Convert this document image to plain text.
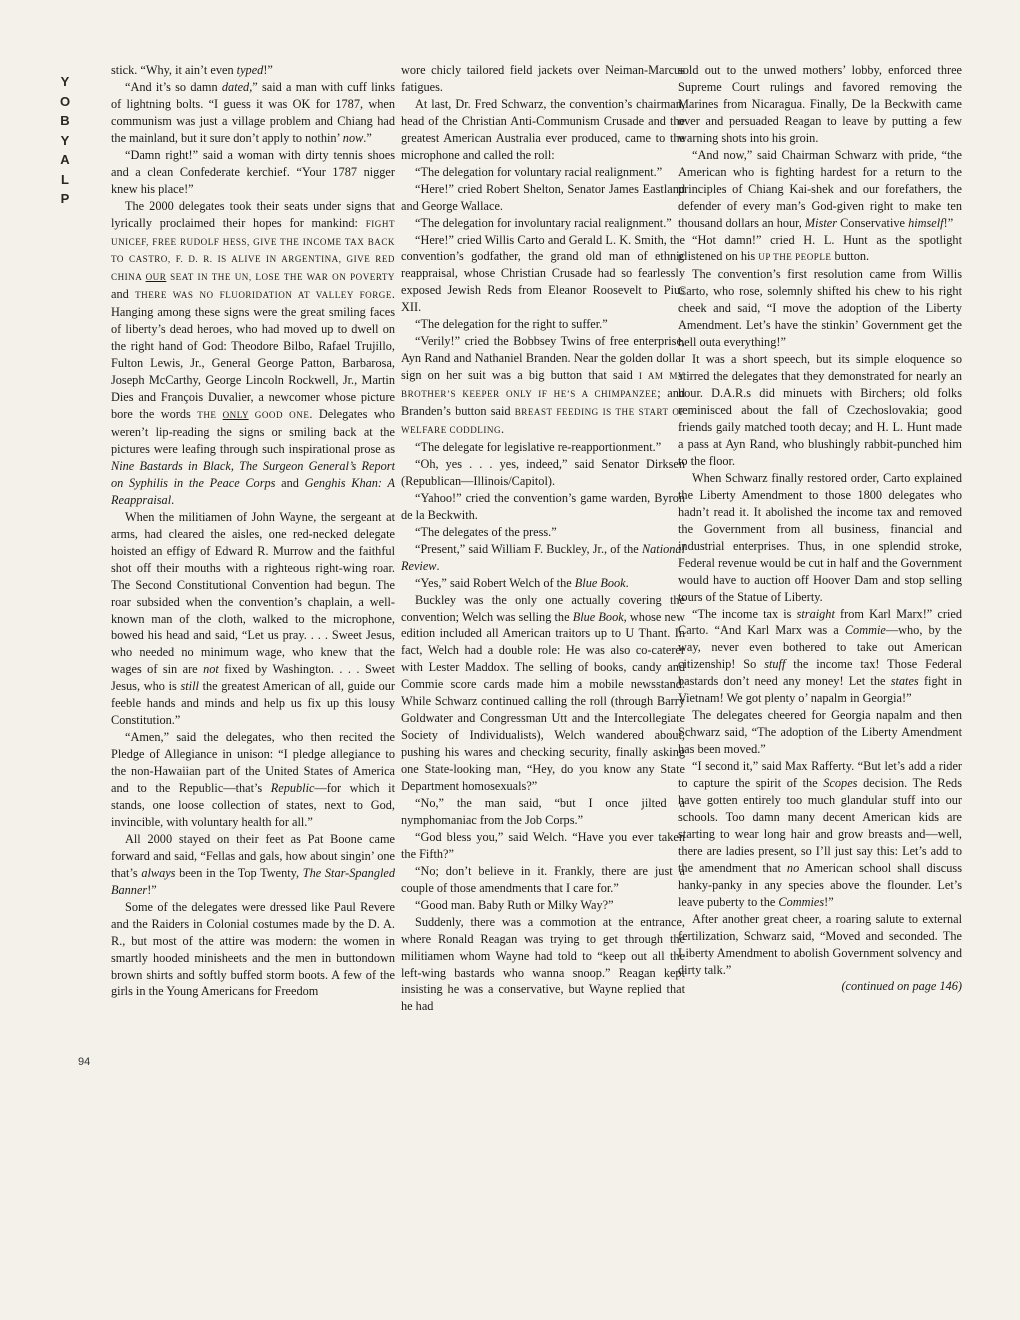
Y
O
B
Y
A
L
P
94

stick. “Why, it ain’t even typed!”

“And it’s so damn dated,” said a man with cuff links of lightning bolts. “I guess it was OK for 1787, when communism was just a village problem and Chiang had the mainland, but it sure don’t apply to nothin’ now.”

“Damn right!” said a woman with dirty tennis shoes and a clean Confederate kerchief. “Your 1787 nigger knew his place!”

The 2000 delegates took their seats under signs that lyrically proclaimed their hopes for mankind: FIGHT UNICEF, FREE RUDOLF HESS, GIVE THE INCOME TAX BACK TO CASTRO, F. D. R. IS ALIVE IN ARGENTINA, GIVE RED CHINA OUR SEAT IN THE UN, LOSE THE WAR ON POVERTY and THERE WAS NO FLUORIDATION AT VALLEY FORGE. Hanging among these signs were the great smiling faces of liberty’s dead heroes, who had moved up to dwell on the right hand of God: Theodore Bilbo, Rafael Trujillo, Fulton Lewis, Jr., General George Patton, Barbarosa, Joseph McCarthy, George Lincoln Rockwell, Jr., Martin Dies and François Duvalier, a newcomer whose picture bore the words THE ONLY GOOD ONE. Delegates who weren’t lip-reading the signs or smiling back at the pictures were leafing through such inspirational prose as Nine Bastards in Black, The Surgeon General’s Report on Syphilis in the Peace Corps and Genghis Khan: A Reappraisal.

When the militiamen of John Wayne, the sergeant at arms, had cleared the aisles, one red-necked delegate hoisted an effigy of Edward R. Murrow and the faithful shot off their mouths with a righteous right-wing roar. The Second Constitutional Convention had begun. The roar subsided when the convention’s chaplain, a well-known man of the cloth, walked to the microphone, bowed his head and said, “Let us pray. . . . Sweet Jesus, who needed no minimum wage, who knew that the wages of sin are not fixed by Washington. . . . Sweet Jesus, who is still the greatest American of all, guide our feeble hands and minds and help us fix up this lousy Constitution.”

“Amen,” said the delegates, who then recited the Pledge of Allegiance in unison: “I pledge allegiance to the non-Hawaiian part of the United States of America and to the Republic—that’s Republic—for which it stands, one loose collection of states, next to God, invincible, with voluntary health for all.”

All 2000 stayed on their feet as Pat Boone came forward and said, “Fellas and gals, how about singin’ one that’s always been in the Top Twenty, The Star-Spangled Banner!”

Some of the delegates were dressed like Paul Revere and the Raiders in Colonial costumes made by the D. A. R., but most of the attire was modern: the women in smartly hooded minisheets and the men in buttondown brown shirts and softly buffed storm boots. A few of the girls in the Young Americans for Freedom

wore chicly tailored field jackets over Neiman-Marcus fatigues.

At last, Dr. Fred Schwarz, the convention’s chairman, head of the Christian Anti-Communism Crusade and the greatest American Australia ever produced, came to the microphone and called the roll:

“The delegation for voluntary racial realignment.”

“Here!” cried Robert Shelton, Senator James Eastland and George Wallace.

“The delegation for involuntary racial realignment.”

“Here!” cried Willis Carto and Gerald L. K. Smith, the convention’s godfather, the grand old man of ethnic reappraisal, whose Christian Crusade had so fearlessly exposed Jewish Reds from Eleanor Roosevelt to Pius XII.

“The delegation for the right to suffer.”

“Verily!” cried the Bobbsey Twins of free enterprise, Ayn Rand and Nathaniel Branden. Near the golden dollar sign on her suit was a big button that said I AM MY BROTHER’S KEEPER ONLY IF HE’S A CHIMPANZEE; and Branden’s button said BREAST FEEDING IS THE START OF WELFARE CODDLING.

“The delegate for legislative re-reapportionment.”

“Oh, yes . . . yes, indeed,” said Senator Dirksen (Republican—Illinois/Capitol).

“Yahoo!” cried the convention’s game warden, Byron de la Beckwith.

“The delegates of the press.”

“Present,” said William F. Buckley, Jr., of the National Review.

“Yes,” said Robert Welch of the Blue Book.

Buckley was the only one actually covering the convention; Welch was selling the Blue Book, whose new edition included all American traitors up to U Thant. In fact, Welch had a double role: He was also co-caterer with Lester Maddox. The selling of books, candy and Commie score cards made him a mobile newsstand. While Schwarz continued calling the roll (through Barry Goldwater and Congressman Utt and the Intercollegiate Society of Individualists), Welch wandered about, pushing his wares and checking security, finally asking one State-looking man, “Hey, do you know any State Department homosexuals?”

“No,” the man said, “but I once jilted a nymphomaniac from the Job Corps.”

“God bless you,” said Welch. “Have you ever taken the Fifth?”

“No; don’t believe in it. Frankly, there are just a couple of those amendments that I care for.”

“Good man. Baby Ruth or Milky Way?”

Suddenly, there was a commotion at the entrance, where Ronald Reagan was trying to get through the militiamen whom Wayne had told to “keep out all the left-wing bastards who wanna snoop.” Reagan kept insisting he was a conservative, but Wayne replied that he had

sold out to the unwed mothers’ lobby, enforced three Supreme Court rulings and favored removing the Marines from Nicaragua. Finally, De la Beckwith came over and persuaded Reagan to leave by putting a few warning shots into his groin.

“And now,” said Chairman Schwarz with pride, “the American who is fighting hardest for a return to the principles of Chiang Kai-shek and our forefathers, the defender of every man’s God-given right to make ten thousand dollars an hour, Mister Conservative himself!”

“Hot damn!” cried H. L. Hunt as the spotlight glistened on his UP THE PEOPLE button.

The convention’s first resolution came from Willis Carto, who rose, solemnly shifted his chew to his right cheek and said, “I move the adoption of the Liberty Amendment. Let’s have the stinkin’ Government get the hell outa everything!”

It was a short speech, but its simple eloquence so stirred the delegates that they demonstrated for nearly an hour. D.A.R.s did minuets with Birchers; old folks reminisced about the fall of Czechoslovakia; good friends gaily matched tooth decay; and H. L. Hunt made a pass at Ayn Rand, who blushingly rabbit-punched him to the floor.

When Schwarz finally restored order, Carto explained the Liberty Amendment to those 1800 delegates who hadn’t read it. It abolished the income tax and removed the Government from all business, financial and industrial enterprises. Thus, in one splendid stroke, Federal revenue would be cut in half and the Government would have to auction off Hoover Dam and stop selling tours of the Statue of Liberty.

“The income tax is straight from Karl Marx!” cried Carto. “And Karl Marx was a Commie—who, by the way, never even bothered to take out American citizenship! So stuff the income tax! Those Federal bastards don’t need any money! Let the states fight in Vietnam! We got plenty o’ napalm in Georgia!”

The delegates cheered for Georgia napalm and then Schwarz said, “The adoption of the Liberty Amendment has been moved.”

“I second it,” said Max Rafferty. “But let’s add a rider to capture the spirit of the Scopes decision. The Reds have gotten entirely too much glandular stuff into our schools. Too damn many decent American kids are starting to wear long hair and grow breasts and—well, there are ladies present, so I’ll just say this: Let’s add to the amendment that no American school shall discuss hanky-panky in any species above the flounder. Let’s leave puberty to the Commies!”

After another great cheer, a roaring salute to external fertilization, Schwarz said, “Moved and seconded. The Liberty Amendment to abolish Government solvency and dirty talk.”

(continued on page 146)
